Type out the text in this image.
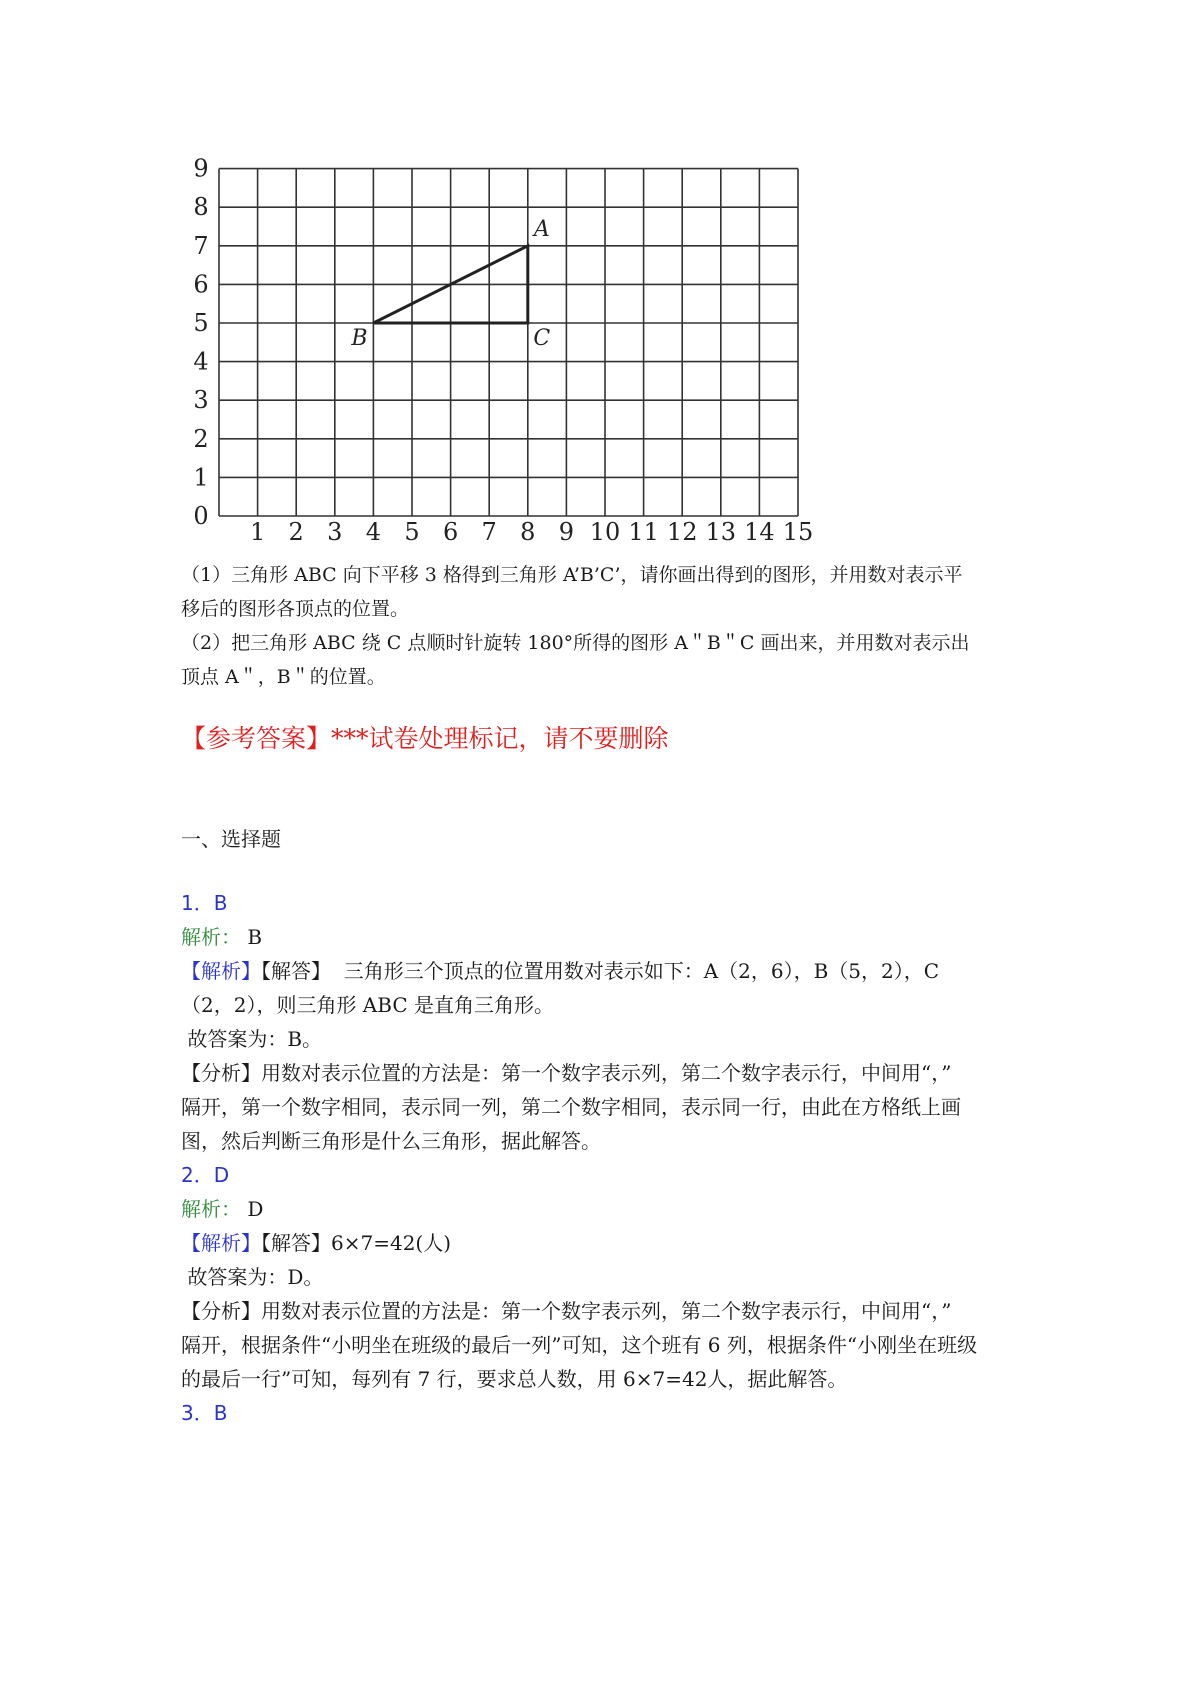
1 2 3 4 5 6 7 8 9 10 11 12 13 14 15
0
1
2
3
4
5
6
7
8
9
A
B	C
（1）三角形 ABC 向下平移 3 格得到三角形 A’B’C’，请你画出得到的图形，并用数对表示平
移后的图形各顶点的位置。
（2）把三角形 ABC 绕 C 点顺时针旋转 180°所得的图形 A＂B＂C 画出来，并用数对表示出
顶点 A＂，B＂的位置。
【参考答案】***试卷处理标记，请不要删除
一、选择题
1．B
解析： B
【解析】【解答】  三角形三个顶点的位置用数对表示如下：A（2，6），B（5，2），C
（2，2），则三角形 ABC 是直角三角形。
故答案为：B。
【分析】用数对表示位置的方法是：第一个数字表示列，第二个数字表示行，中间用“，”
隔开，第一个数字相同，表示同一列，第二个数字相同，表示同一行，由此在方格纸上画
图，然后判断三角形是什么三角形，据此解答。
2．D
解析： D
【解析】【解答】6×7=42(人)
故答案为：D。
【分析】用数对表示位置的方法是：第一个数字表示列，第二个数字表示行，中间用“，”
隔开，根据条件“小明坐在班级的最后一列”可知，这个班有 6 列，根据条件“小刚坐在班级
的最后一行”可知，每列有 7 行，要求总人数，用 6×7=42人，据此解答。
3．B
